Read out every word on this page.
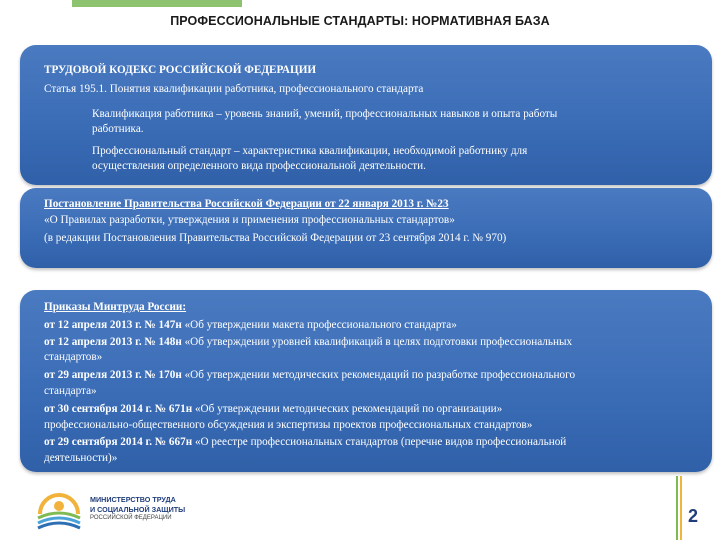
ПРОФЕССИОНАЛЬНЫЕ СТАНДАРТЫ: НОРМАТИВНАЯ БАЗА
ТРУДОВОЙ КОДЕКС РОССИЙСКОЙ ФЕДЕРАЦИИ
Статья 195.1. Понятия квалификации работника, профессионального стандарта
Квалификация работника – уровень знаний, умений, профессиональных навыков и опыта работы
работника.
Профессиональный стандарт – характеристика квалификации, необходимой работнику для
осуществления определенного вида профессиональной деятельности.
Постановление Правительства Российской Федерации от 22 января 2013 г. №23
«О Правилах разработки, утверждения и применения профессиональных стандартов»
(в редакции Постановления Правительства Российской Федерации от 23 сентября 2014 г. № 970)
Приказы Минтруда России:
от 12 апреля 2013 г. № 147н «Об утверждении макета профессионального стандарта»
от 12 апреля 2013 г. № 148н «Об утверждении уровней квалификаций в целях подготовки профессиональных
стандартов»
от 29 апреля 2013 г. № 170н «Об утверждении методических рекомендаций по разработке профессионального
стандарта»
от 30 сентября 2014 г. № 671н «Об утверждении методических рекомендаций по организации»
профессионально-общественного обсуждения и экспертизы проектов профессиональных стандартов»
от 29 сентября 2014 г. № 667н «О реестре профессиональных стандартов (перечне видов профессиональной
деятельности)»
МИНИСТЕРСТВО ТРУДА
И СОЦИАЛЬНОЙ ЗАЩИТЫ
РОССИЙСКОЙ ФЕДЕРАЦИИ	2
